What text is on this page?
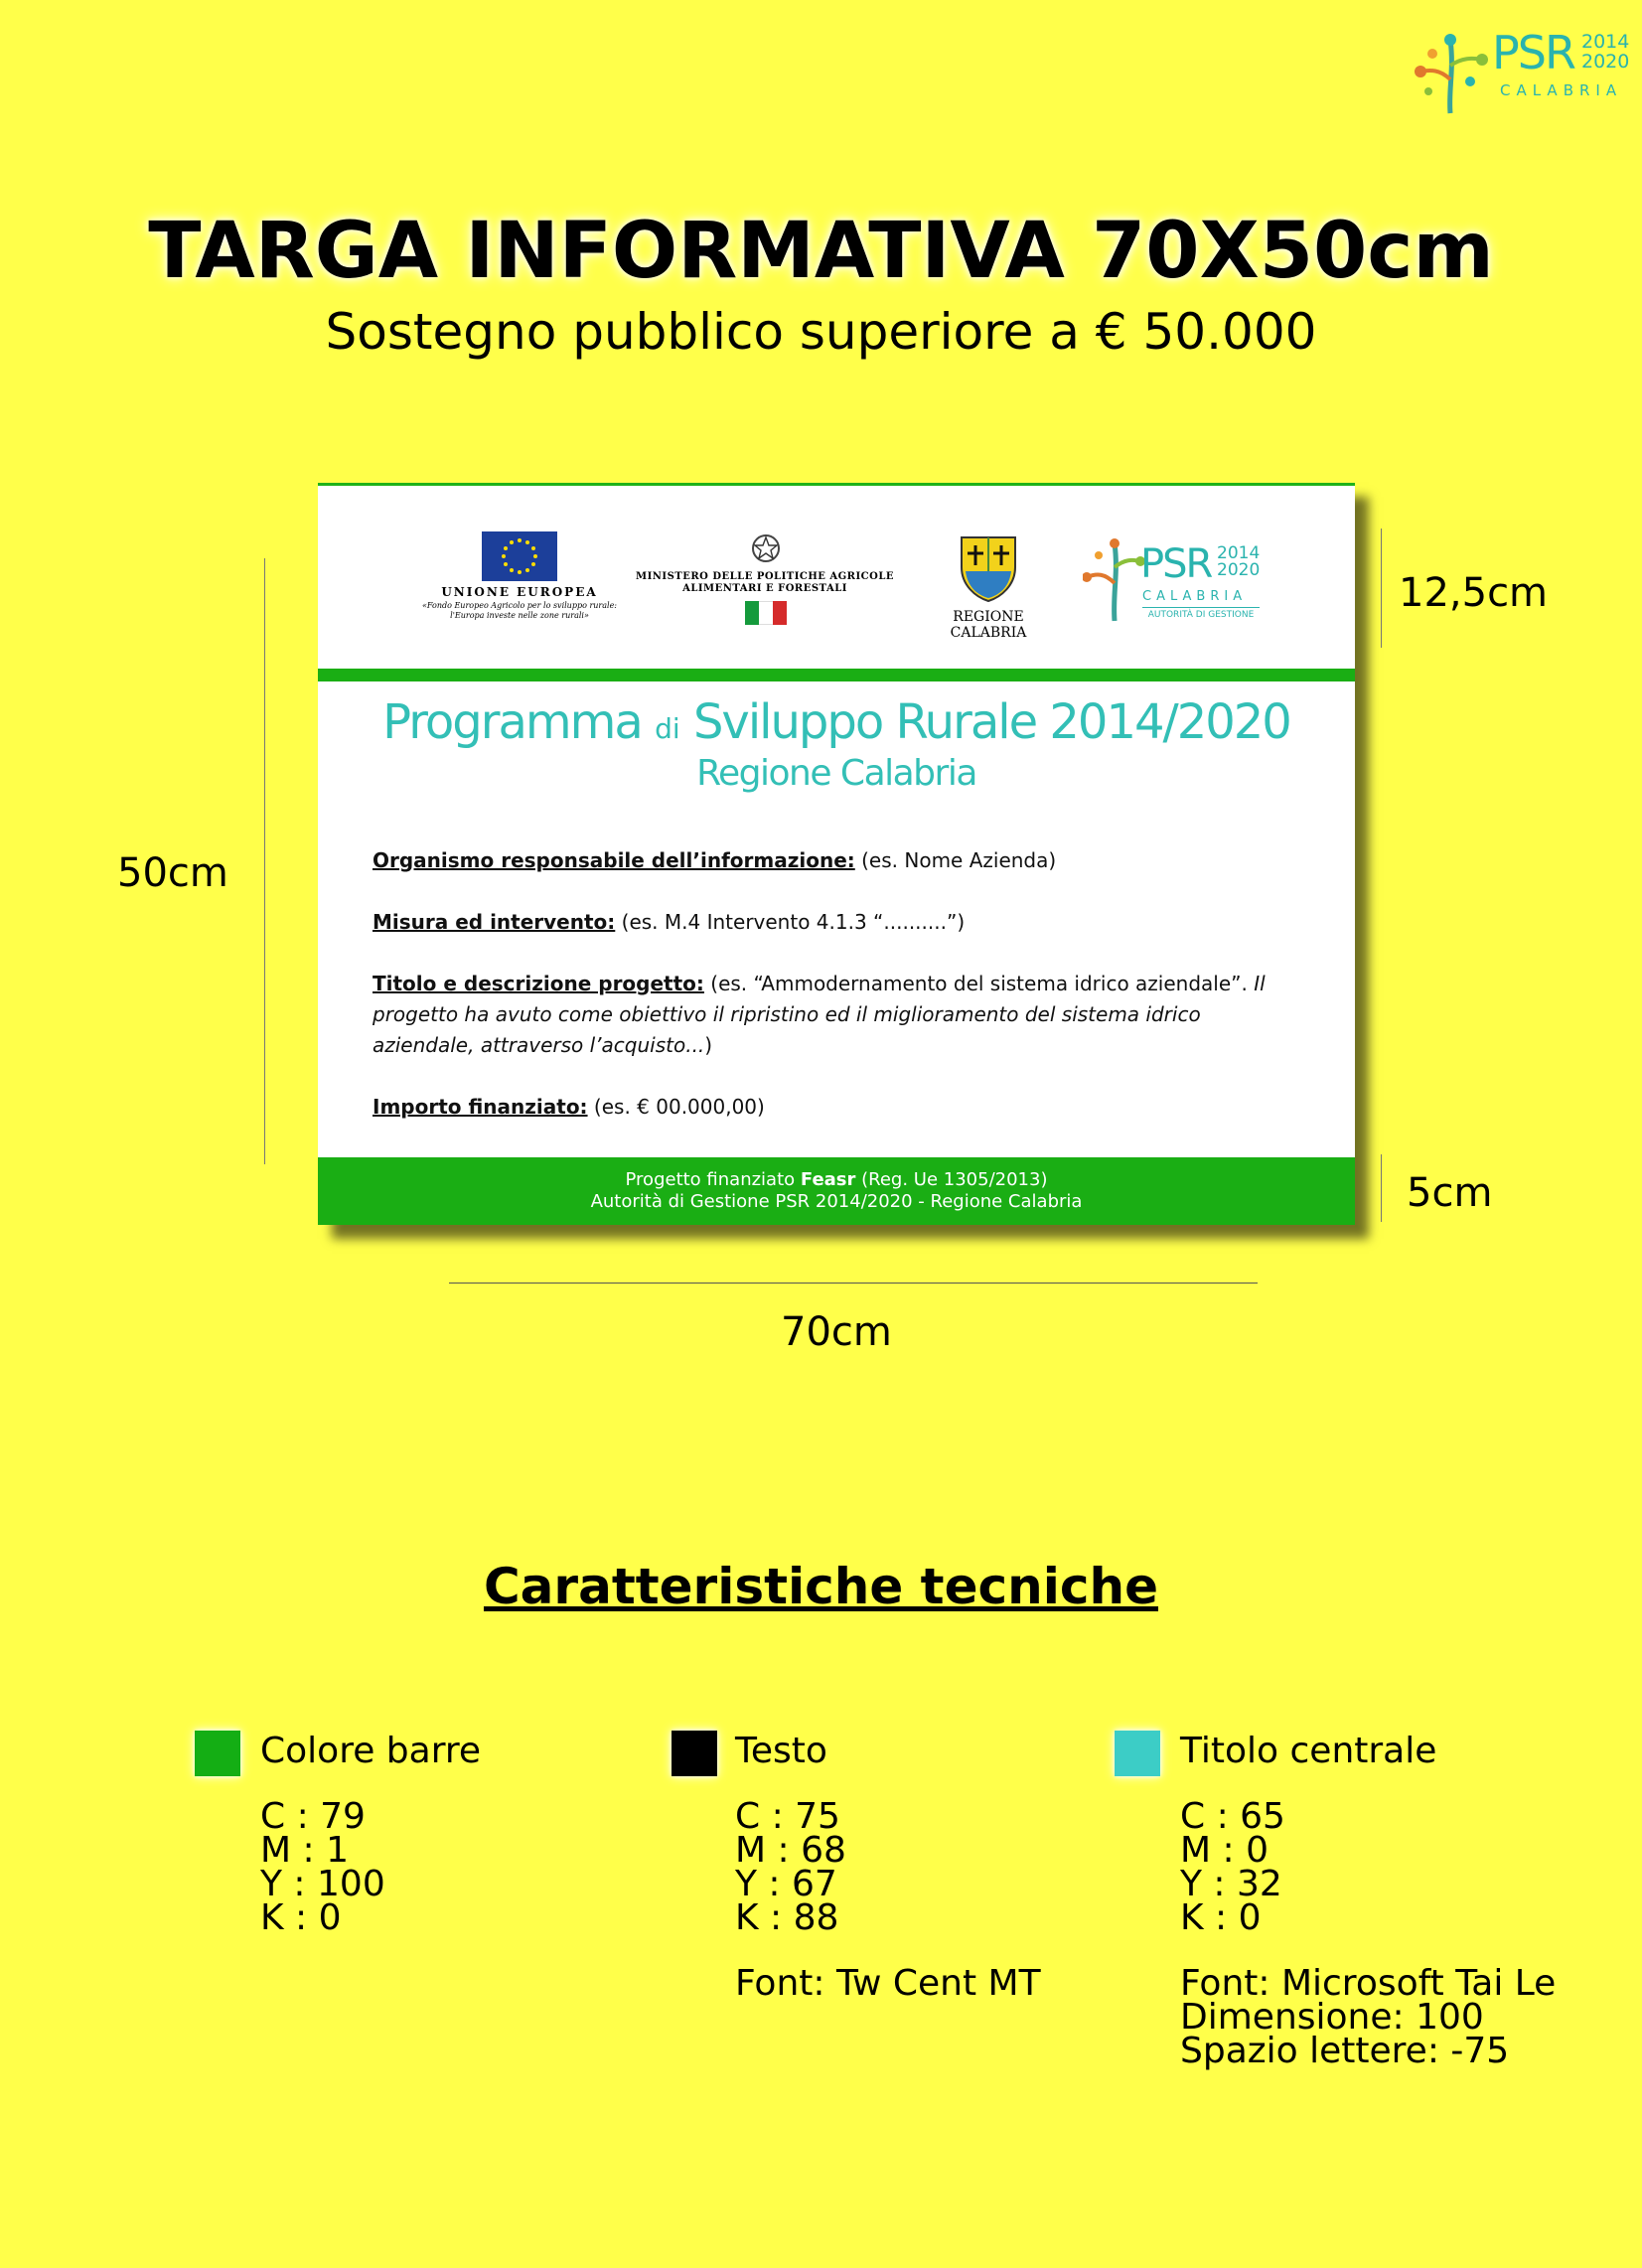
PSR 2014
2020
CALABRIA
TARGA INFORMATIVA 70X50cm
Sostegno pubblico superiore a € 50.000
UNIONE EUROPEA
«Fondo Europeo Agricolo per lo sviluppo rurale:
l'Europa investe nelle zone rurali»
MINISTERO DELLE POLITICHE AGRICOLE
ALIMENTARI E FORESTALI
REGIONE CALABRIA
PSR 2014
2020
CALABRIA
AUTORITÀ DI GESTIONE
Programma di Sviluppo Rurale 2014/2020
Regione Calabria
Organismo responsabile dell’informazione: (es. Nome Azienda)
Misura ed intervento: (es. M.4 Intervento 4.1.3 “..........”)
Titolo e descrizione progetto: (es. “Ammodernamento del sistema idrico aziendale”. Il
progetto ha avuto come obiettivo il ripristino ed il miglioramento del sistema idrico
aziendale, attraverso l’acquisto...)
Importo finanziato: (es. € 00.000,00)
Progetto finanziato Feasr (Reg. Ue 1305/2013)
Autorità di Gestione PSR 2014/2020 - Regione Calabria
50cm
12,5cm
5cm
70cm
Caratteristiche tecniche
Colore barre
C : 79
M : 1
Y : 100
K : 0
Testo
C : 75
M : 68
Y : 67
K : 88
Font: Tw Cent MT
Titolo centrale
C : 65
M : 0
Y : 32
K : 0
Font: Microsoft Tai Le
Dimensione: 100
Spazio lettere: -75
